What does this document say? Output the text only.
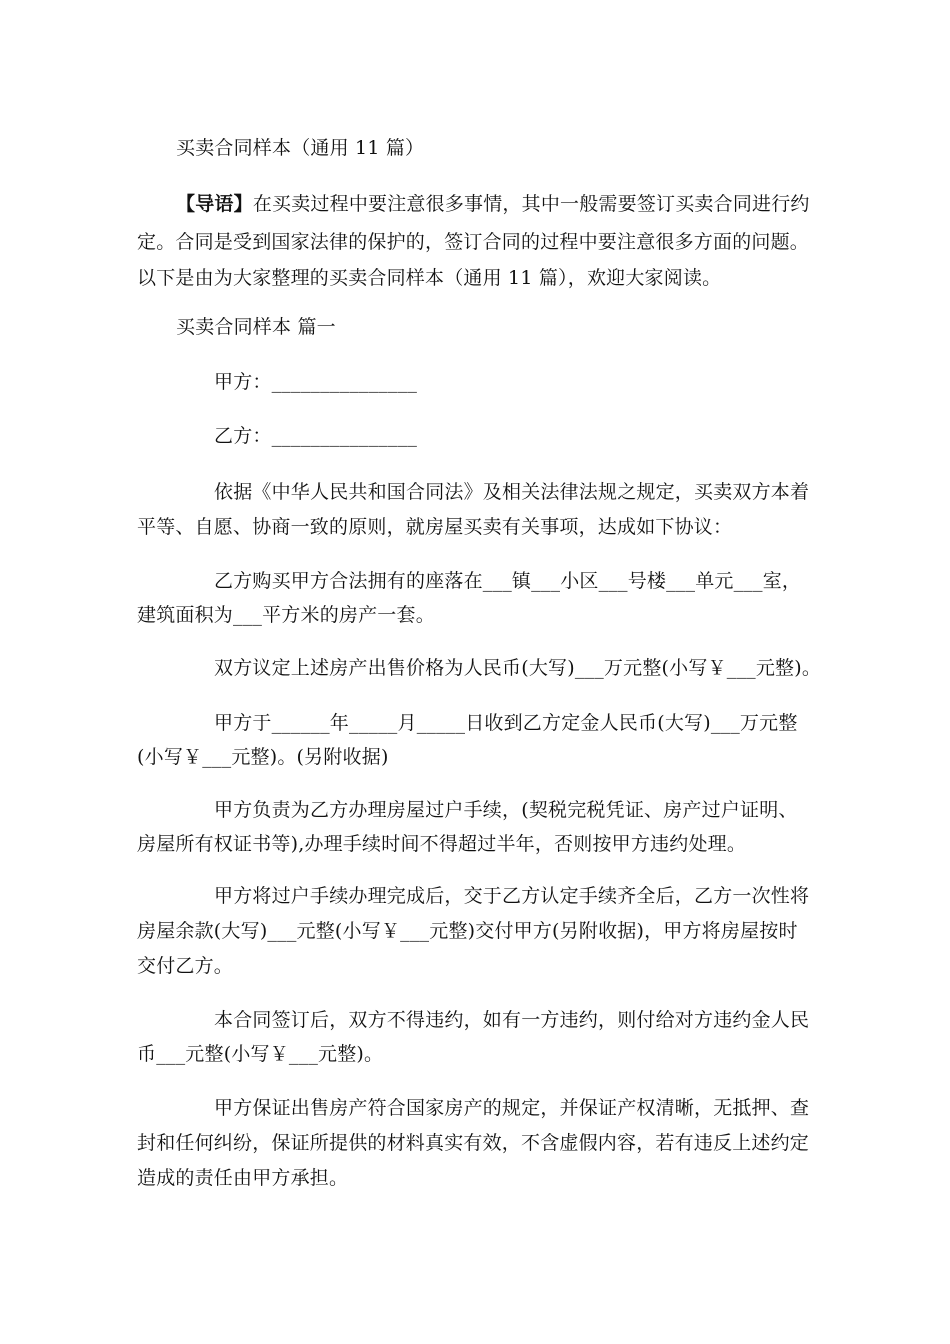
买卖合同样本（通用 11 篇）
【导语】在买卖过程中要注意很多事情，其中一般需要签订买卖合同进行约
定。合同是受到国家法律的保护的，签订合同的过程中要注意很多方面的问题。
以下是由为大家整理的买卖合同样本（通用 11 篇），欢迎大家阅读。
买卖合同样本 篇一
甲方：_______________
乙方：_______________
依据《中华人民共和国合同法》及相关法律法规之规定，买卖双方本着
平等、自愿、协商一致的原则，就房屋买卖有关事项，达成如下协议：
乙方购买甲方合法拥有的座落在___镇___小区___号楼___单元___室，
建筑面积为___平方米的房产一套。
双方议定上述房产出售价格为人民币(大写)___万元整(小写￥___元整)。
甲方于______年_____月_____日收到乙方定金人民币(大写)___万元整
(小写￥___元整)。(另附收据)
甲方负责为乙方办理房屋过户手续，(契税完税凭证、房产过户证明、
房屋所有权证书等),办理手续时间不得超过半年，否则按甲方违约处理。
甲方将过户手续办理完成后，交于乙方认定手续齐全后，乙方一次性将
房屋余款(大写)___元整(小写￥___元整)交付甲方(另附收据)，甲方将房屋按时
交付乙方。
本合同签订后，双方不得违约，如有一方违约，则付给对方违约金人民
币___元整(小写￥___元整)。
甲方保证出售房产符合国家房产的规定，并保证产权清晰，无抵押、查
封和任何纠纷，保证所提供的材料真实有效，不含虚假内容，若有违反上述约定
造成的责任由甲方承担。
